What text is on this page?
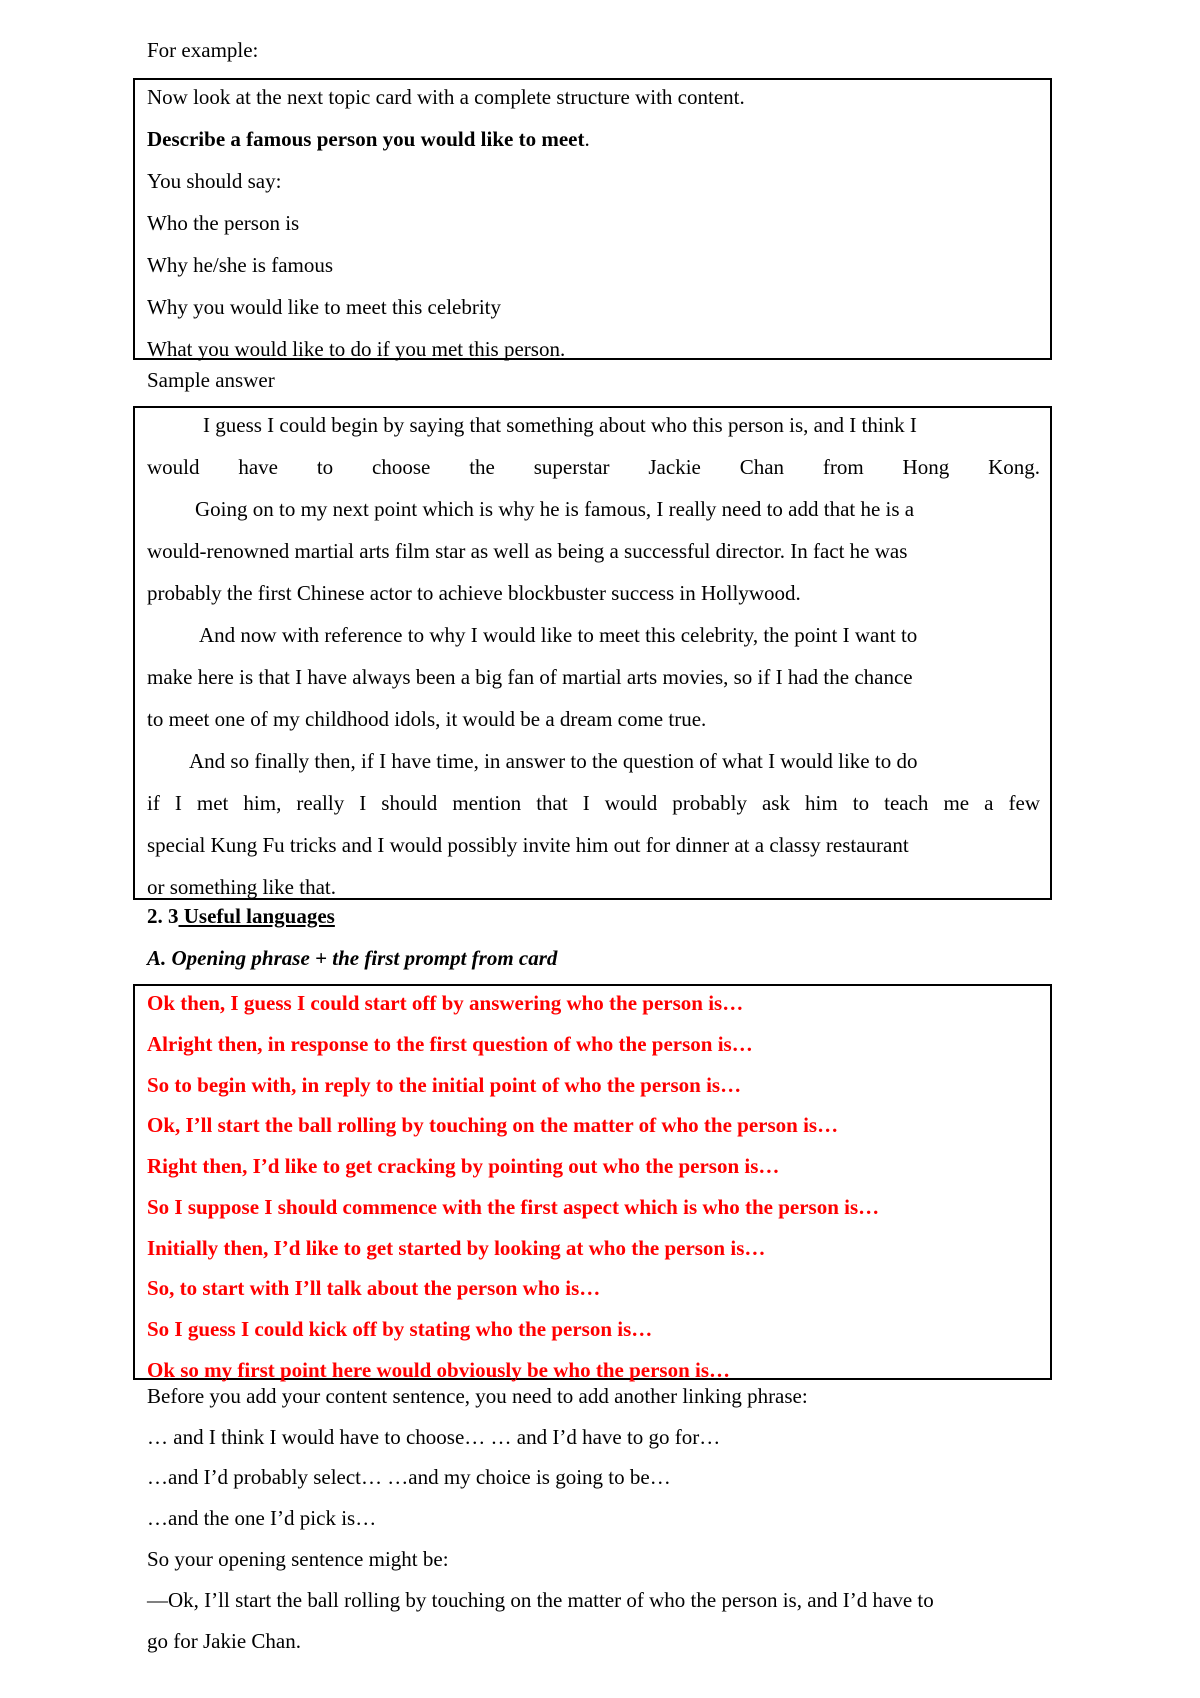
For example:
Now look at the next topic card with a complete structure with content.
Describe a famous person you would like to meet.
You should say:
Who the person is
Why he/she is famous
Why you would like to meet this celebrity
What you would like to do if you met this person.
Sample answer
I guess I could begin by saying that something about who this person is, and I think I
would have to choose the superstar Jackie Chan from Hong Kong.
Going on to my next point which is why he is famous, I really need to add that he is a
would-renowned martial arts film star as well as being a successful director. In fact he was
probably the first Chinese actor to achieve blockbuster success in Hollywood.
And now with reference to why I would like to meet this celebrity, the point I want to
make here is that I have always been a big fan of martial arts movies, so if I had the chance
to meet one of my childhood idols, it would be a dream come true.
And so finally then, if I have time, in answer to the question of what I would like to do
if I met him, really I should mention that I would probably ask him to teach me a few
special Kung Fu tricks and I would possibly invite him out for dinner at a classy restaurant
or something like that.
2. 3 Useful languages
A. Opening phrase + the first prompt from card
Ok then, I guess I could start off by answering who the person is…
Alright then, in response to the first question of who the person is…
So to begin with, in reply to the initial point of who the person is…
Ok, I’ll start the ball rolling by touching on the matter of who the person is…
Right then, I’d like to get cracking by pointing out who the person is…
So I suppose I should commence with the first aspect which is who the person is…
Initially then, I’d like to get started by looking at who the person is…
So, to start with I’ll talk about the person who is…
So I guess I could kick off by stating who the person is…
Ok so my first point here would obviously be who the person is…
Before you add your content sentence, you need to add another linking phrase:
… and I think I would have to choose… … and I’d have to go for…
…and I’d probably select… …and my choice is going to be…
…and the one I’d pick is…
So your opening sentence might be:
—Ok, I’ll start the ball rolling by touching on the matter of who the person is, and I’d have to
go for Jakie Chan.
